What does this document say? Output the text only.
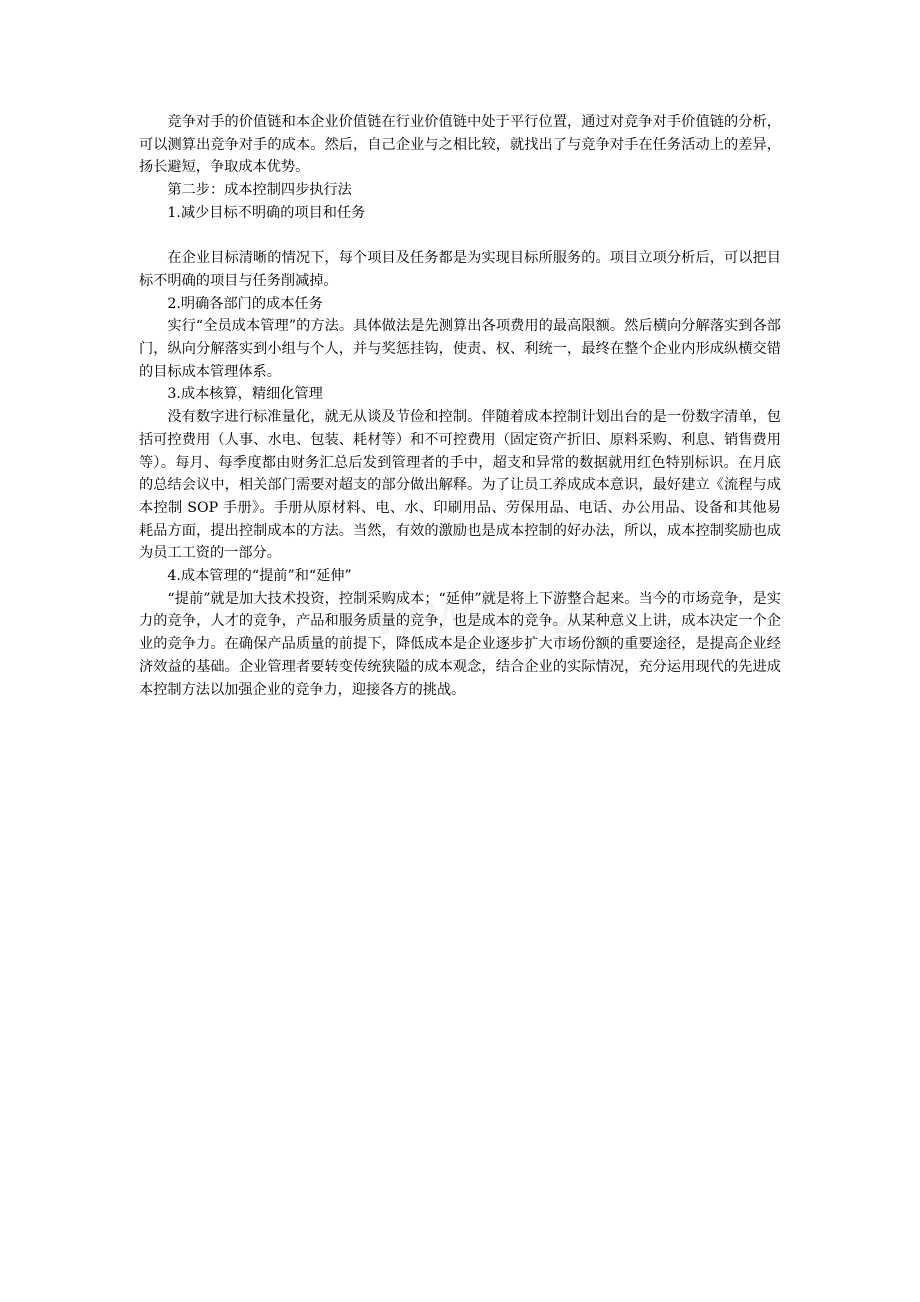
竞争对手的价值链和本企业价值链在行业价值链中处于平行位置，通过对竞争对手价值链的分析，可以测算出竞争对手的成本。然后，自己企业与之相比较，就找出了与竞争对手在任务活动上的差异，扬长避短，争取成本优势。

第二步：成本控制四步执行法

1.减少目标不明确的项目和任务

在企业目标清晰的情况下，每个项目及任务都是为实现目标所服务的。项目立项分析后，可以把目标不明确的项目与任务削减掉。

2.明确各部门的成本任务

实行“全员成本管理”的方法。具体做法是先测算出各项费用的最高限额。然后横向分解落实到各部门，纵向分解落实到小组与个人，并与奖惩挂钩，使责、权、利统一，最终在整个企业内形成纵横交错的目标成本管理体系。

3.成本核算，精细化管理

没有数字进行标准量化，就无从谈及节俭和控制。伴随着成本控制计划出台的是一份数字清单，包括可控费用（人事、水电、包装、耗材等）和不可控费用（固定资产折旧、原料采购、利息、销售费用等）。每月、每季度都由财务汇总后发到管理者的手中，超支和异常的数据就用红色特别标识。在月底的总结会议中，相关部门需要对超支的部分做出解释。为了让员工养成成本意识，最好建立《流程与成本控制 SOP 手册》。手册从原材料、电、水、印刷用品、劳保用品、电话、办公用品、设备和其他易耗品方面，提出控制成本的方法。当然，有效的激励也是成本控制的好办法，所以，成本控制奖励也成为员工工资的一部分。

4.成本管理的“提前”和“延伸”

“提前”就是加大技术投资，控制采购成本；“延伸”就是将上下游整合起来。当今的市场竞争，是实力的竞争，人才的竞争，产品和服务质量的竞争，也是成本的竞争。从某种意义上讲，成本决定一个企业的竞争力。在确保产品质量的前提下，降低成本是企业逐步扩大市场份额的重要途径，是提高企业经济效益的基础。企业管理者要转变传统狭隘的成本观念，结合企业的实际情况，充分运用现代的先进成本控制方法以加强企业的竞争力，迎接各方的挑战。
